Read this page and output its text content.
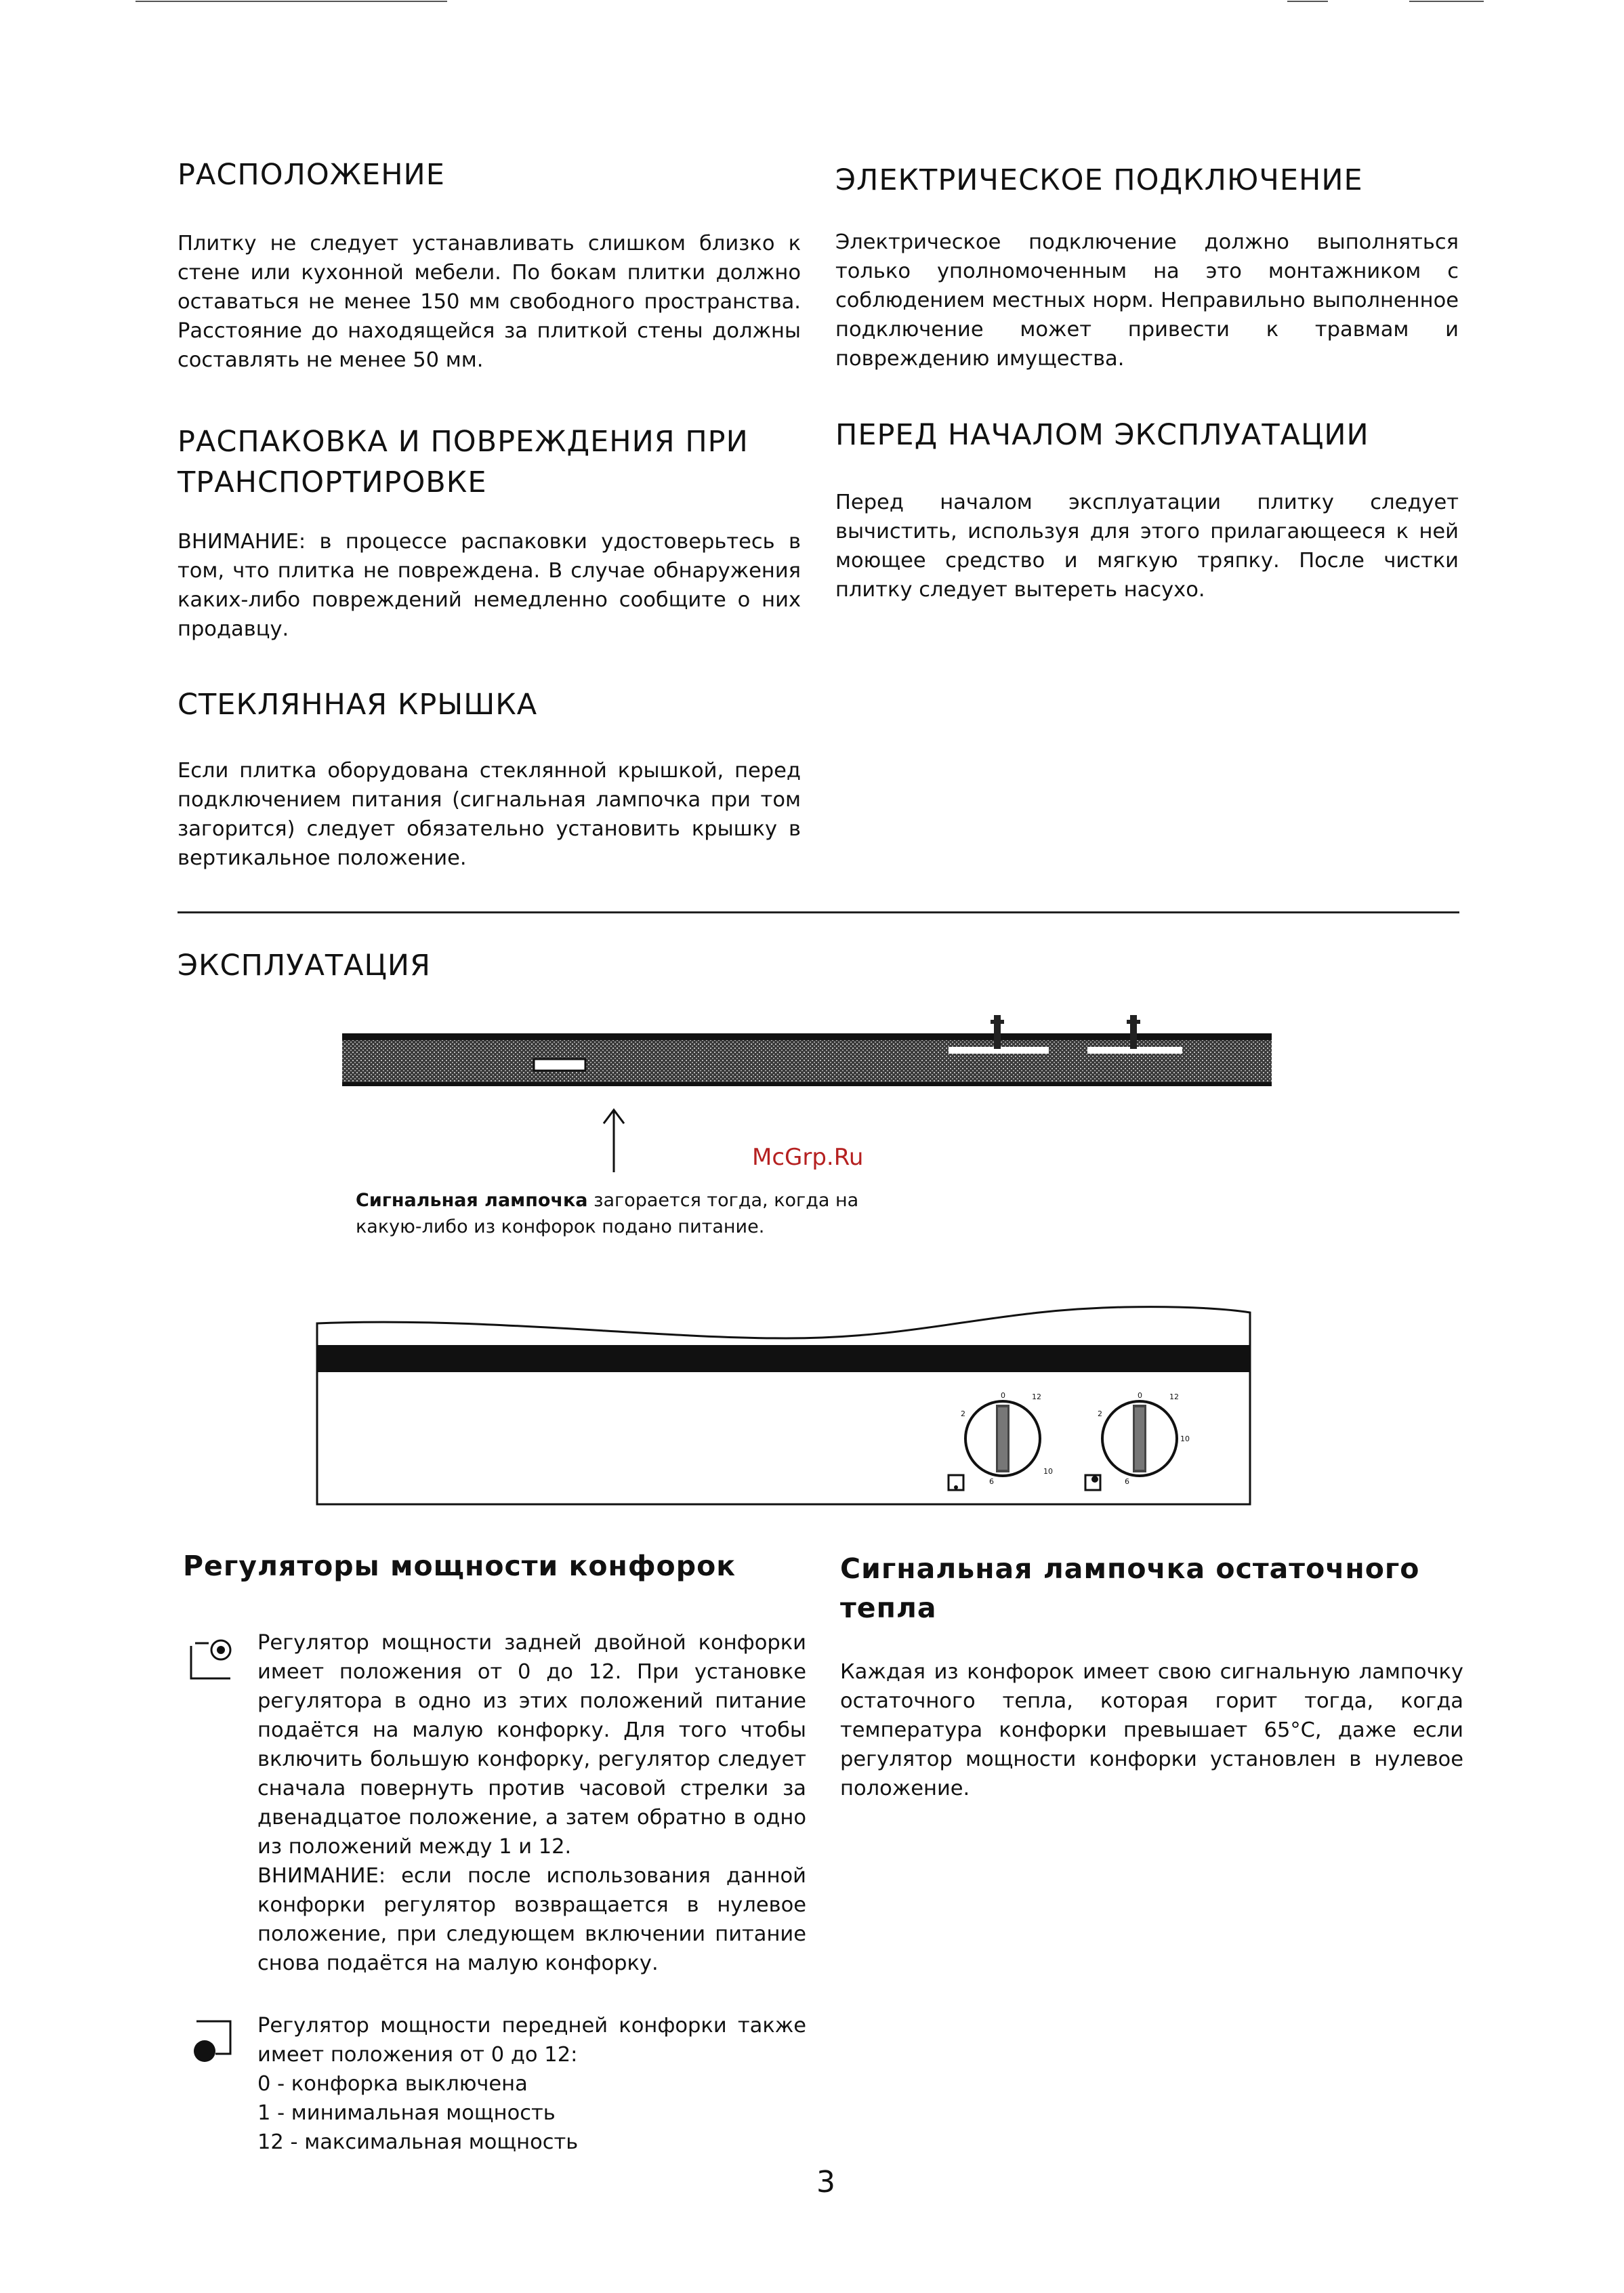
РАСПОЛОЖЕНИЕ

Плитку не следует устанавливать слишком близко к стене или кухонной мебели. По бокам плитки должно оставаться не менее 150 мм свободного пространства. Расстояние до находящейся за плиткой стены должны составлять не менее 50 мм.

РАСПАКОВКА И ПОВРЕЖДЕНИЯ ПРИ ТРАНСПОРТИРОВКЕ

ВНИМАНИЕ: в процессе распаковки удостоверьтесь в том, что плитка не повреждена. В случае обнаружения каких-либо повреждений немедленно сообщите о них продавцу.

СТЕКЛЯННАЯ КРЫШКА

Если плитка оборудована стеклянной крышкой, перед подключением питания (сигнальная лампочка при том загорится) следует обязательно установить крышку в вертикальное положение.

ЭЛЕКТРИЧЕСКОЕ ПОДКЛЮЧЕНИЕ

Электрическое подключение должно выполняться только уполномоченным на это монтажником с соблюдением местных норм. Неправильно выполненное подключение может привести к травмам и повреждению имущества.

ПЕРЕД НАЧАЛОМ ЭКСПЛУАТАЦИИ

Перед началом эксплуатации плитку следует вычистить, используя для этого прилагающееся к ней моющее средство и мягкую тряпку. После чистки плитку следует вытереть насухо.

ЭКСПЛУАТАЦИЯ
McGrp.Ru
Сигнальная лампочка загорается тогда, когда на какую-либо из конфорок подано питание.
0	12
2
10
6
0	12
2
10
6
Регуляторы мощности конфорок

Регулятор мощности задней двойной конфорки имеет положения от 0 до 12. При установке регулятора в одно из этих положений питание подаётся на малую конфорку. Для того чтобы включить большую конфорку, регулятор следует сначала повернуть против часовой стрелки за двенадцатое положение, а затем обратно в одно из положений между 1 и 12.

ВНИМАНИЕ: если после использования данной конфорки регулятор возвращается в нулевое положение, при следующем включении питание снова подаётся на малую конфорку.

Регулятор мощности передней конфорки также имеет положения от 0 до 12:

0 - конфорка выключена
1 - минимальная мощность
12 - максимальная мощность
Сигнальная лампочка остаточного тепла

Каждая из конфорок имеет свою сигнальную лампочку остаточного тепла, которая горит тогда, когда температура конфорки превышает 65°C, даже если регулятор мощности конфорки установлен в нулевое положение.

3
